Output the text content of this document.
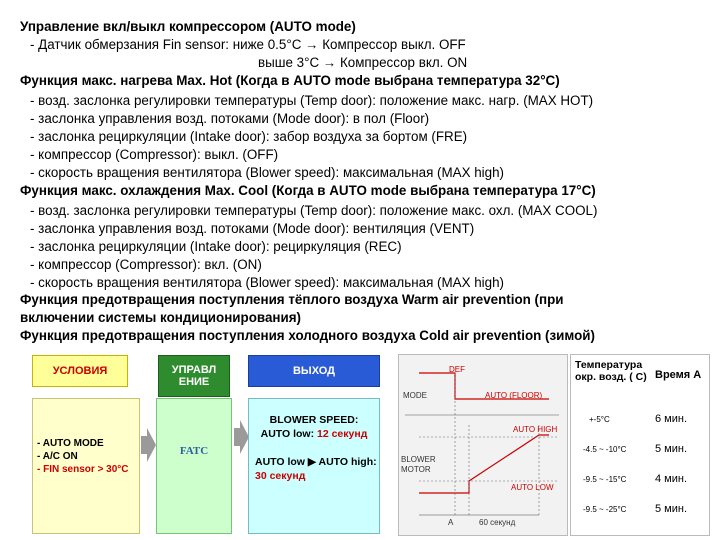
Управление вкл/выкл компрессором (AUTO mode)
- Датчик обмерзания Fin sensor: ниже 0.5°C → Компрессор выкл. OFF
выше 3°C → Компрессор вкл. ON
Функция макс. нагрева Max. Hot (Когда в AUTO mode выбрана температура 32°C)
- возд. заслонка регулировки температуры (Temp door): положение макс. нагр. (MAX HOT)
- заслонка управления возд. потоками (Mode door): в пол (Floor)
- заслонка рециркуляции (Intake door): забор воздуха за бортом (FRE)
- компрессор (Compressor): выкл. (OFF)
- скорость вращения вентилятора (Blower speed): максимальная (MAX high)
Функция макс. охлаждения Max. Cool (Когда в AUTO mode выбрана температура 17°C)
- возд. заслонка регулировки температуры (Temp door): положение макс. охл. (MAX COOL)
- заслонка управления возд. потоками (Mode door): вентиляция (VENT)
- заслонка рециркуляции (Intake door): рециркуляция (REC)
- компрессор (Compressor): вкл. (ON)
- скорость вращения вентилятора (Blower speed): максимальная (MAX high)
Функция предотвращения поступления тёплого воздуха Warm air prevention (при
включении системы кондиционирования)
Функция предотвращения поступления холодного воздуха Cold air prevention (зимой)
УСЛОВИЯ	УПРАВЛ ЕНИЕ
ВЫХОД
- AUTO MODE
- A/C ON
- FIN sensor > 30°C
FATC
BLOWER SPEED:
AUTO low: 12 секунд
AUTO low ▶ AUTO high:
30 секунд
DEF
MODE	AUTO (FLOOR)
AUTO HIGH
AUTO LOW
BLOWER MOTOR
A	60 секунд
Температура окр. возд. ( C) Время А
+-5°C	6 мин.
-4.5 ~ -10°C	5 мин.
-9.5 ~ -15°C	4 мин.
-9.5 ~ -25°C	5 мин.
